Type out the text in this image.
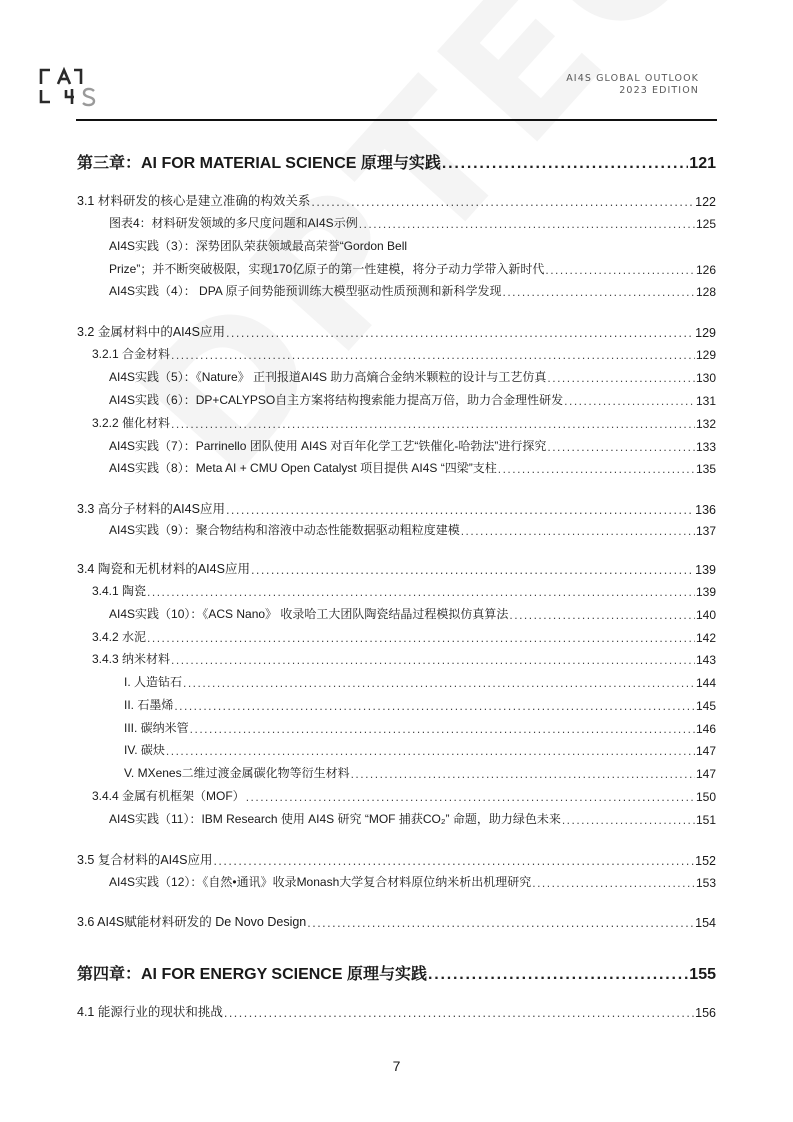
AI4S GLOBAL OUTLOOK
2023 EDITION
第三章：AI FOR MATERIAL SCIENCE 原理与实践 .....	121
3.1 材料研发的核心是建立准确的构效关系 .....	122
图表4：材料研发领域的多尺度问题和AI4S示例 .....	125
AI4S实践（3）：深势团队荣获领域最高荣誉“Gordon Bell
Prize”；并不断突破极限，实现170亿原子的第一性建模，将分子动力学带入新时代 .....	126
AI4S实践（4）： DPA 原子间势能预训练大模型驱动性质预测和新科学发现 .....	128
3.2 金属材料中的AI4S应用 .....	129
3.2.1 合金材料 .....	129
AI4S实践（5）：《Nature》 正刊报道AI4S 助力高熵合金纳米颗粒的设计与工艺仿真 .....	130
AI4S实践（6）：DP+CALYPSO自主方案将结构搜索能力提高万倍，助力合金理性研发 .....	131
3.2.2 催化材料 .....	132
AI4S实践（7）：Parrinello 团队使用 AI4S 对百年化学工艺“铁催化-哈勃法”进行探究 .....	133
AI4S实践（8）：Meta AI + CMU Open Catalyst 项目提供 AI4S “四梁”支柱 .....	135
3.3 高分子材料的AI4S应用 .....	136
AI4S实践（9）：聚合物结构和溶液中动态性能数据驱动粗粒度建模 .....	137
3.4 陶瓷和无机材料的AI4S应用 .....	139
3.4.1 陶瓷 .....	139
AI4S实践（10）：《ACS Nano》 收录哈工大团队陶瓷结晶过程模拟仿真算法 .....	140
3.4.2 水泥 .....	142
3.4.3 纳米材料 .....	143
I. 人造钻石 .....	144
II. 石墨烯 .....	145
III. 碳纳米管 .....	146
IV. 碳炔 .....	147
V. MXenes二维过渡金属碳化物等衍生材料 .....	147
3.4.4 金属有机框架（MOF） .....	150
AI4S实践（11）：IBM Research 使用 AI4S 研究 “MOF 捕获CO₂” 命题，助力绿色未来 .....	151
3.5 复合材料的AI4S应用 .....	152
AI4S实践（12）：《自然•通讯》收录Monash大学复合材料原位纳米析出机理研究 .....	153
3.6 AI4S赋能材料研发的 De Novo Design .....	154
第四章：AI FOR ENERGY SCIENCE 原理与实践 .....	155
4.1 能源行业的现状和挑战 .....	156
7
